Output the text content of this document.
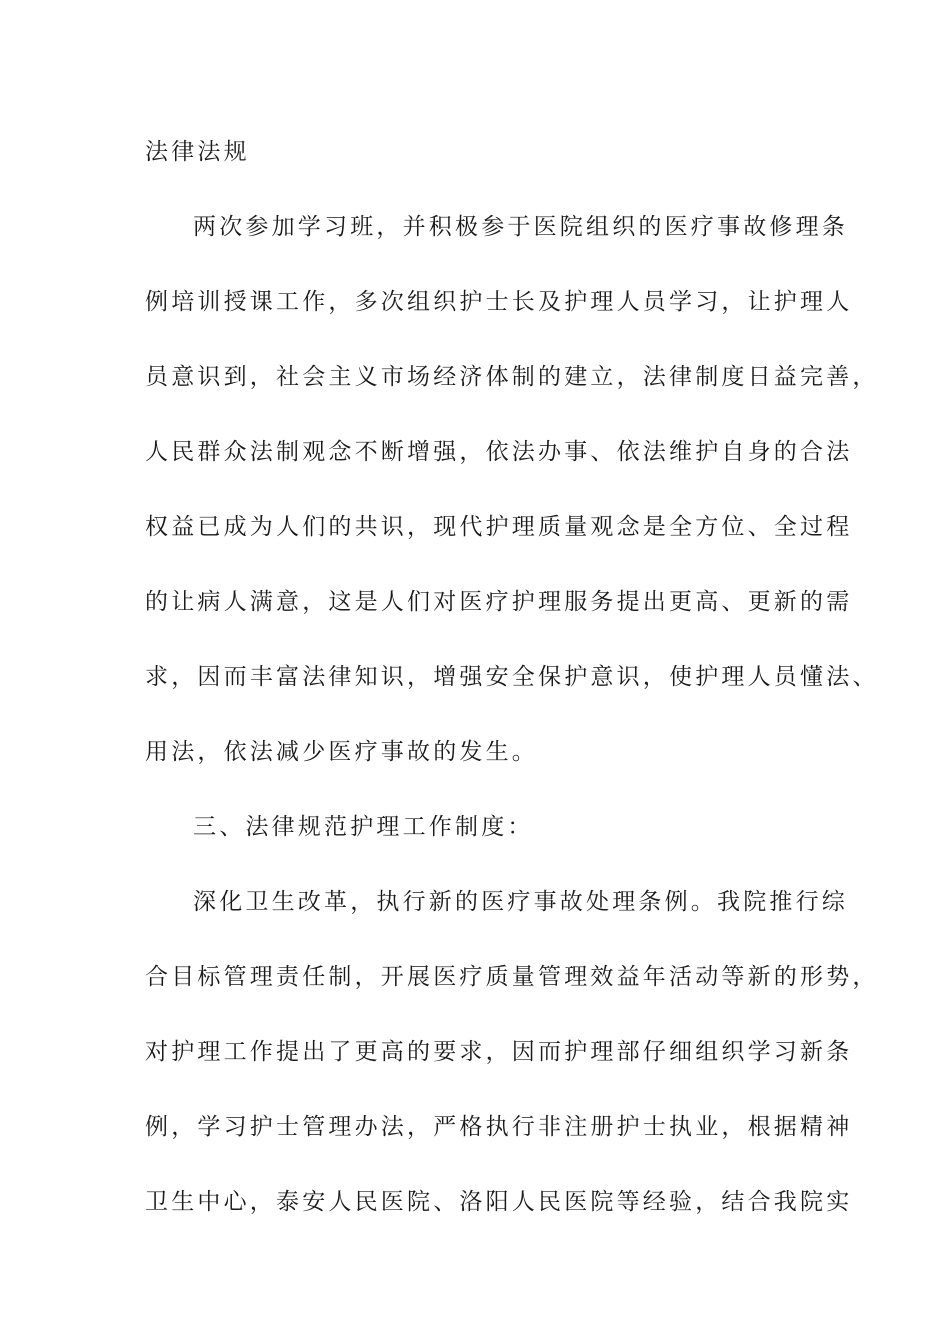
法律法规
两次参加学习班，并积极参于医院组织的医疗事故修理条
例培训授课工作，多次组织护士长及护理人员学习，让护理人
员意识到，社会主义市场经济体制的建立，法律制度日益完善，
人民群众法制观念不断增强，依法办事、依法维护自身的合法
权益已成为人们的共识，现代护理质量观念是全方位、全过程
的让病人满意，这是人们对医疗护理服务提出更高、更新的需
求，因而丰富法律知识，增强安全保护意识，使护理人员懂法、
用法，依法减少医疗事故的发生。
三、法律规范护理工作制度：
深化卫生改革，执行新的医疗事故处理条例。我院推行综
合目标管理责任制，开展医疗质量管理效益年活动等新的形势，
对护理工作提出了更高的要求，因而护理部仔细组织学习新条
例，学习护士管理办法，严格执行非注册护士执业，根据精神
卫生中心，泰安人民医院、洛阳人民医院等经验，结合我院实
